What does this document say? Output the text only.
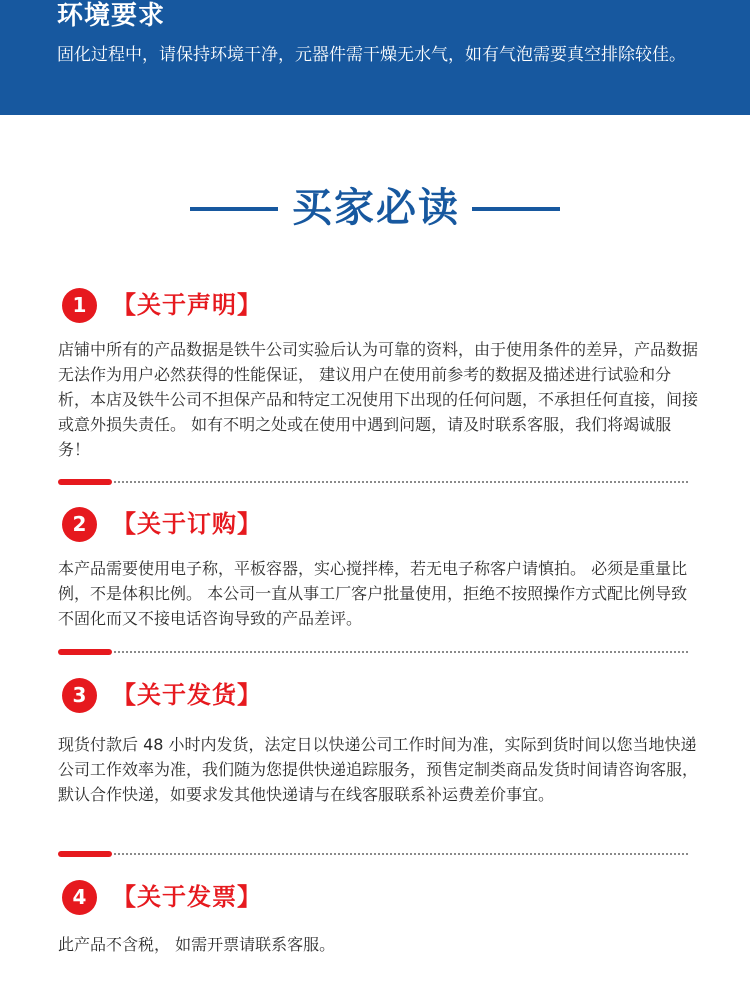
环境要求
固化过程中，请保持环境干净，元器件需干燥无水气，如有气泡需要真空排除较佳。
买家必读
1	【关于声明】
店铺中所有的产品数据是铁牛公司实验后认为可靠的资料，由于使用条件的差异，产品数据无法作为用户必然获得的性能保证， 建议用户在使用前参考的数据及描述进行试验和分析，本店及铁牛公司不担保产品和特定工况使用下出现的任何问题，不承担任何直接，间接或意外损失责任。 如有不明之处或在使用中遇到问题，请及时联系客服，我们将竭诚服务！
2	【关于订购】
本产品需要使用电子称，平板容器，实心搅拌棒，若无电子称客户请慎拍。 必须是重量比例，不是体积比例。 本公司一直从事工厂客户批量使用，拒绝不按照操作方式配比例导致不固化而又不接电话咨询导致的产品差评。
3	【关于发货】
现货付款后 48 小时内发货，法定日以快递公司工作时间为准，实际到货时间以您当地快递公司工作效率为准，我们随为您提供快递追踪服务，预售定制类商品发货时间请咨询客服，默认合作快递，如要求发其他快递请与在线客服联系补运费差价事宜。
4	【关于发票】
此产品不含税， 如需开票请联系客服。
